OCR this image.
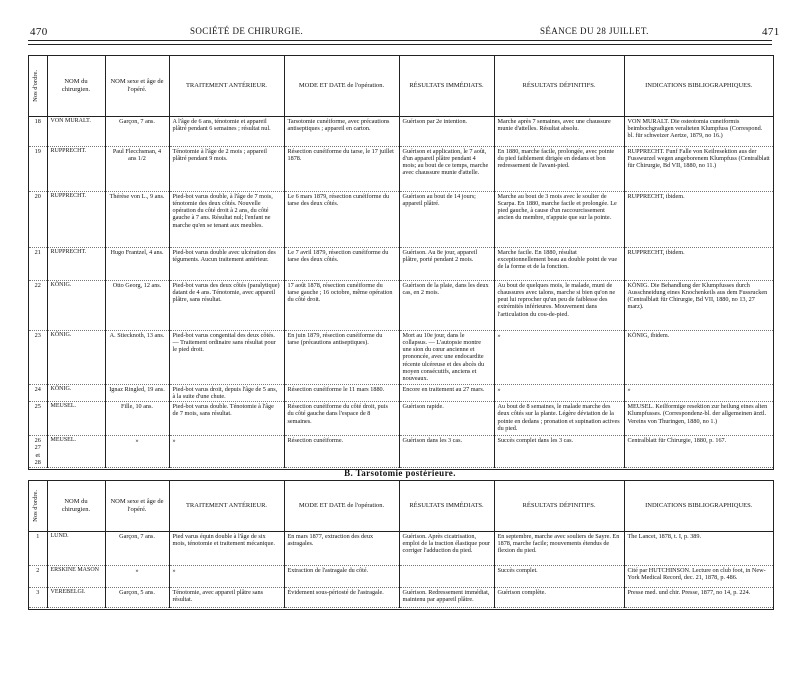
470	SOCIÉTÉ DE CHIRURGIE.	SÉANCE DU 28 JUILLET.	471
Nos d'ordre.	NOM du chirurgien.	NOM sexe et âge de l'opéré.	TRAITEMENT ANTÉRIEUR.	MODE ET DATE de l'opération.	RÉSULTATS IMMÉDIATS.	RÉSULTATS DÉFINITIFS.	INDICATIONS BIBLIOGRAPHIQUES.
18	VON MURALT.	Garçon, 7 ans.	A l'âge de 6 ans, ténotomie et appareil plâtré pendant 6 semaines ; résultat nul.	Tarsotomie cunéiforme, avec précautions antiseptiques ; appareil en carton.	Guérison par 2e intention.	Marche après 7 semaines, avec une chaussure munie d'attelles. Résultat absolu.	VON MURALT. Die osteotomia cuneiformis beimbochgradigen veralteten Klumpfuss (Correspond. bl. für schweizer Aertze, 1879, no 16.)
19	RUPPRECHT.	Paul Flecchsman, 4 ans 1/2	Ténotomie à l'âge de 2 mois ; appareil plâtré pendant 9 mois.	Résection cunéiforme du tarse, le 17 juillet 1878.	Guérison et application, le 7 août, d'un appareil plâtre pendant 4 mois; au bout de ce temps, marche avec chaussure munie d'attelle.	En 1880, marche facile, prolongée, avec pointe du pied faiblement dirigée en dedans et bon redressement de l'avant-pied.	RUPPRECHT. Funf Falle von Keilresektion aus der Fusswurzel wegen angeborenem Klumpfuss (Centralblatt für Chirurgie, Bd VII, 1880, no 11.)
20	RUPPRECHT.	Thérèse von L., 9 ans.	Pied-bot varus double, à l'âge de 7 mois, ténotomie des deux côtés. Nouvelle opération du côté droit à 2 ans, du côté gauche à 7 ans. Résultat nul; l'enfant ne marche qu'en se tenant aux meubles.	Le 6 mars 1879, résection cunéiforme du tarse des deux côtés.	Guérison au bout de 14 jours; appareil plâtré.	Marche au bout de 3 mois avec le soulier de Scarpa. En 1880, marche facile et prolongée. Le pied gauche, à cause d'un raccourcissement ancien du membre, n'appuie que sur la pointe.	RUPPRECHT, ibidem.
21	RUPPRECHT.	Hugo Frantzel, 4 ans.	Pied-bot varus double avec ulcération des téguments. Aucun traitement antérieur.	Le 7 avril 1879, résection cunéiforme du tarse des deux côtés.	Guérison. Au 8e jour, appareil plâtre, porté pendant 2 mois.	Marche facile. En 1880, résultat exceptionnellement beau au double point de vue de la forme et de la fonction.	RUPPRECHT, ibidem.
22	KÖNIG.	Otto Georg, 12 ans.	Pied-bot varus des deux côtés (paralytique) datant de 4 ans. Ténotomie, avec appareil plâtre, sans résultat.	17 août 1878, résection cunéiforme du tarse gauche ; 16 octobre, même opération du côté droit.	Guérison de la plaie, dans les deux cas, en 2 mois.	Au bout de quelques mois, le malade, muni de chaussures avec talons, marche si bien qu'on ne peut lui reprocher qu'un peu de faiblesse des extrémités inférieures. Mouvement dans l'articulation du cou-de-pied.	KÖNIG. Die Behandlung der Klumpfusses durch Ausschneidung eines Knochenkeils aus dem Fussrucken (Centralblatt für Chirurgie, Bd VII, 1880, no 13, 27 marz).
23	KÖNIG.	A. Stiecknoth, 13 ans.	Pied-bot varus congenital des deux côtés. — Traitement ordinaire sans résultat pour le pied droit.	En juin 1879, résection cunéiforme du tarse (précautions antiseptiques).	Mort au 10e jour, dans le collapsus. — L'autopsie montre une sion du cœur ancienne et prononcée, avec une endocardite récente ulcéreuse et des abcès du moyen consécutifs, anciens et nouveaux.	»	KÖNIG, ibidem.
24	KÖNIG.	Ignaz Ringled, 19 ans.	Pied-bot varus droit, depuis l'âge de 5 ans, à la suite d'une chute.	Résection cunéiforme le 11 mars 1880.	Encore en traitement au 27 mars.	»	»
25	MEUSEL.	Fille, 10 ans.	Pied-bot varus double. Ténotomie à l'âge de 7 mois, sans résultat.	Résection cunéiforme du côté droit, puis du côté gauche dans l'espace de 8 semaines.	Guérison rapide.	Au bout de 8 semaines, le malade marche des deux côtés sur la plante. Légère déviation de la pointe en dedans ; pronation et supination actives du pied.	MEUSEL. Keilformige resektion zur heilung eines alten Klumpfusses. (Correspondenz-bl. der allgemeinen ärztl. Vereins von Thuringen, 1880, no 1.)
26 27 et 28	MEUSEL.	»	»	Résection cunéiforme.	Guérison dans les 3 cas.	Succès complet dans les 3 cas.	Centralblatt für Chirurgie, 1880, p. 167.
B. Tarsotomie postérieure.
Nos d'ordre.	NOM du chirurgien.	NOM sexe et âge de l'opéré.	TRAITEMENT ANTÉRIEUR.	MODE ET DATE de l'opération.	RÉSULTATS IMMÉDIATS.	RÉSULTATS DÉFINITIFS.	INDICATIONS BIBLIOGRAPHIQUES.
1	LUND.	Garçon, 7 ans.	Pied varus équin double à l'âge de six mois, ténotomie et traitement mécanique.	En mars 1877, extraction des deux astragales.	Guérison. Après cicatrisation, emploi de la traction élastique pour corriger l'adduction du pied.	En septembre, marche avec souliers de Sayre. En 1878, marche facile; mouvements étendus de flexion du pied.	The Lancet, 1878, t. I, p. 389.
2	ERSKINE MASON	»	»	Extraction de l'astragale du côté.		Succès complet.	Cité par HUTCHINSON. Lecture on club foot, in New-York Medical Record, dec. 21, 1878, p. 486.
3	VEREBELGI.	Garçon, 5 ans.	Ténotomie, avec appareil plâtre sans résultat.	Évidement sous-périosté de l'astragale.	Guérison. Redressement immédiat, maintenu par appareil plâtre.	Guérison complète.	Presse med. und chir. Presse, 1877, no 14, p. 224.
